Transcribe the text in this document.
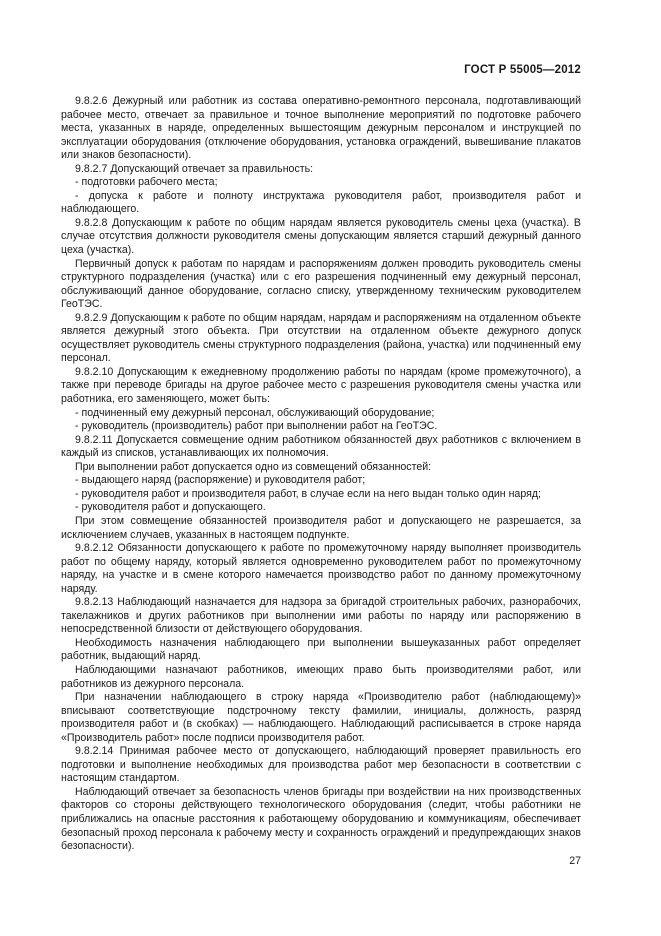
ГОСТ Р 55005—2012

9.8.2.6 Дежурный или работник из состава оперативно-ремонтного персонала, подготавливающий рабочее место, отвечает за правильное и точное выполнение мероприятий по подготовке рабочего места, указанных в наряде, определенных вышестоящим дежурным персоналом и инструкцией по эксплуатации оборудования (отключение оборудования, установка ограждений, вывешивание плакатов или знаков безопасности).

9.8.2.7 Допускающий отвечает за правильность:

- подготовки рабочего места;

- допуска к работе и полноту инструктажа руководителя работ, производителя работ и наблюдающего.

9.8.2.8 Допускающим к работе по общим нарядам является руководитель смены цеха (участка). В случае отсутствия должности руководителя смены допускающим является старший дежурный данного цеха (участка).

Первичный допуск к работам по нарядам и распоряжениям должен проводить руководитель смены структурного подразделения (участка) или с его разрешения подчиненный ему дежурный персонал, обслуживающий данное оборудование, согласно списку, утвержденному техническим руководителем ГеоТЭС.

9.8.2.9 Допускающим к работе по общим нарядам, нарядам и распоряжениям на отдаленном объекте является дежурный этого объекта. При отсутствии на отдаленном объекте дежурного допуск осуществляет руководитель смены структурного подразделения (района, участка) или подчиненный ему персонал.

9.8.2.10 Допускающим к ежедневному продолжению работы по нарядам (кроме промежуточного), а также при переводе бригады на другое рабочее место с разрешения руководителя смены участка или работника, его заменяющего, может быть:

- подчиненный ему дежурный персонал, обслуживающий оборудование;

- руководитель (производитель) работ при выполнении работ на ГеоТЭС.

9.8.2.11 Допускается совмещение одним работником обязанностей двух работников с включением в каждый из списков, устанавливающих их полномочия.

При выполнении работ допускается одно из совмещений обязанностей:

- выдающего наряд (распоряжение) и руководителя работ;

- руководителя работ и производителя работ, в случае если на него выдан только один наряд;

- руководителя работ и допускающего.

При этом совмещение обязанностей производителя работ и допускающего не разрешается, за исключением случаев, указанных в настоящем подпункте.

9.8.2.12 Обязанности допускающего к работе по промежуточному наряду выполняет производитель работ по общему наряду, который является одновременно руководителем работ по промежуточному наряду, на участке и в смене которого намечается производство работ по данному промежуточному наряду.

9.8.2.13 Наблюдающий назначается для надзора за бригадой строительных рабочих, разнорабочих, такелажников и других работников при выполнении ими работы по наряду или распоряжению в непосредственной близости от действующего оборудования.

Необходимость назначения наблюдающего при выполнении вышеуказанных работ определяет работник, выдающий наряд.

Наблюдающими назначают работников, имеющих право быть производителями работ, или работников из дежурного персонала.

При назначении наблюдающего в строку наряда «Производителю работ (наблюдающему)» вписывают соответствующие подстрочному тексту фамилии, инициалы, должность, разряд производителя работ и (в скобках) — наблюдающего. Наблюдающий расписывается в строке наряда «Производитель работ» после подписи производителя работ.

9.8.2.14 Принимая рабочее место от допускающего, наблюдающий проверяет правильность его подготовки и выполнение необходимых для производства работ мер безопасности в соответствии с настоящим стандартом.

Наблюдающий отвечает за безопасность членов бригады при воздействии на них производственных факторов со стороны действующего технологического оборудования (следит, чтобы работники не приближались на опасные расстояния к работающему оборудованию и коммуникациям, обеспечивает безопасный проход персонала к рабочему месту и сохранность ограждений и предупреждающих знаков безопасности).

27
